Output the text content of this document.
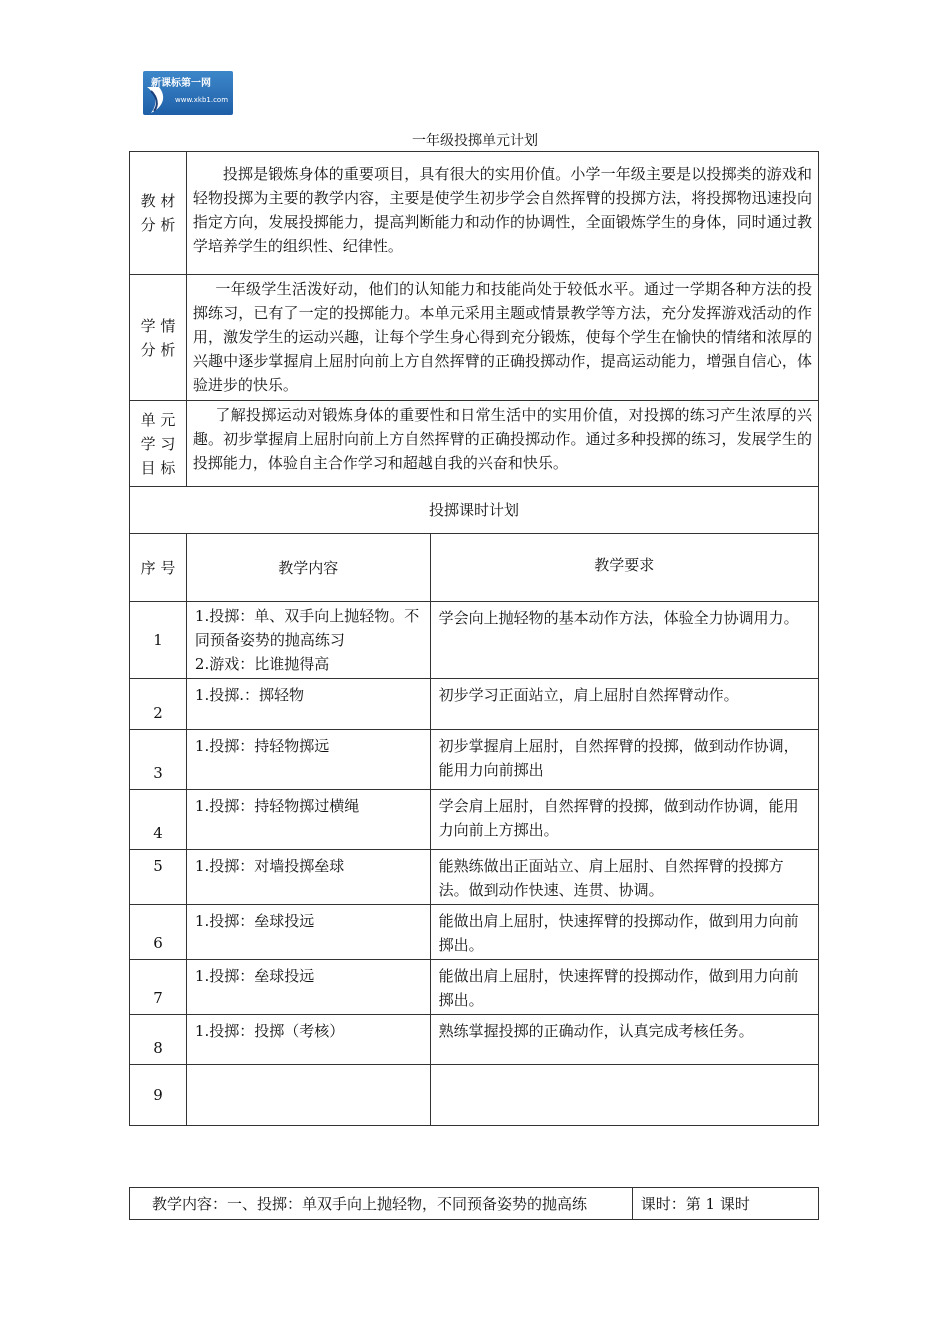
新课标第一网
www.xkb1.com
一年级投掷单元计划
教 材
分 析	投掷是锻炼身体的重要项目，具有很大的实用价值。小学一年级主要是以投掷类的游戏和轻物投掷为主要的教学内容，主要是使学生初步学会自然挥臂的投掷方法，将投掷物迅速投向指定方向，发展投掷能力，提高判断能力和动作的协调性，全面锻炼学生的身体，同时通过教学培养学生的组织性、纪律性。	
学 情
分 析	一年级学生活泼好动，他们的认知能力和技能尚处于较低水平。通过一学期各种方法的投掷练习，已有了一定的投掷能力。本单元采用主题或情景教学等方法，充分发挥游戏活动的作用，激发学生的运动兴趣，让每个学生身心得到充分锻炼，使每个学生在愉快的情绪和浓厚的兴趣中逐步掌握肩上屈肘向前上方自然挥臂的正确投掷动作，提高运动能力，增强自信心，体验进步的快乐。	
单 元
学 习
目 标	了解投掷运动对锻炼身体的重要性和日常生活中的实用价值，对投掷的练习产生浓厚的兴趣。初步掌握肩上屈肘向前上方自然挥臂的正确投掷动作。通过多种投掷的练习，发展学生的投掷能力，体验自主合作学习和超越自我的兴奋和快乐。	
投掷课时计划		
序 号	教学内容	教学要求
1	1.投掷：单、双手向上抛轻物。不同预备姿势的抛高练习
2.游戏：比谁抛得高	学会向上抛轻物的基本动作方法，体验全力协调用力。
2	1.投掷.：掷轻物	初步学习正面站立，肩上屈肘自然挥臂动作。
3	1.投掷：持轻物掷远	初步掌握肩上屈肘，自然挥臂的投掷，做到动作协调，能用力向前掷出
4	1.投掷：持轻物掷过横绳	学会肩上屈肘，自然挥臂的投掷，做到动作协调，能用力向前上方掷出。
5	1.投掷：对墙投掷垒球	能熟练做出正面站立、肩上屈肘、自然挥臂的投掷方法。做到动作快速、连贯、协调。
6	1.投掷：垒球投远	能做出肩上屈肘，快速挥臂的投掷动作，做到用力向前掷出。
7	1.投掷：垒球投远	能做出肩上屈肘，快速挥臂的投掷动作，做到用力向前掷出。
8	1.投掷：投掷（考核）	熟练掌握投掷的正确动作，认真完成考核任务。
9		
教学内容：一、投掷：单双手向上抛轻物，不同预备姿势的抛高练	课时：第 1 课时
